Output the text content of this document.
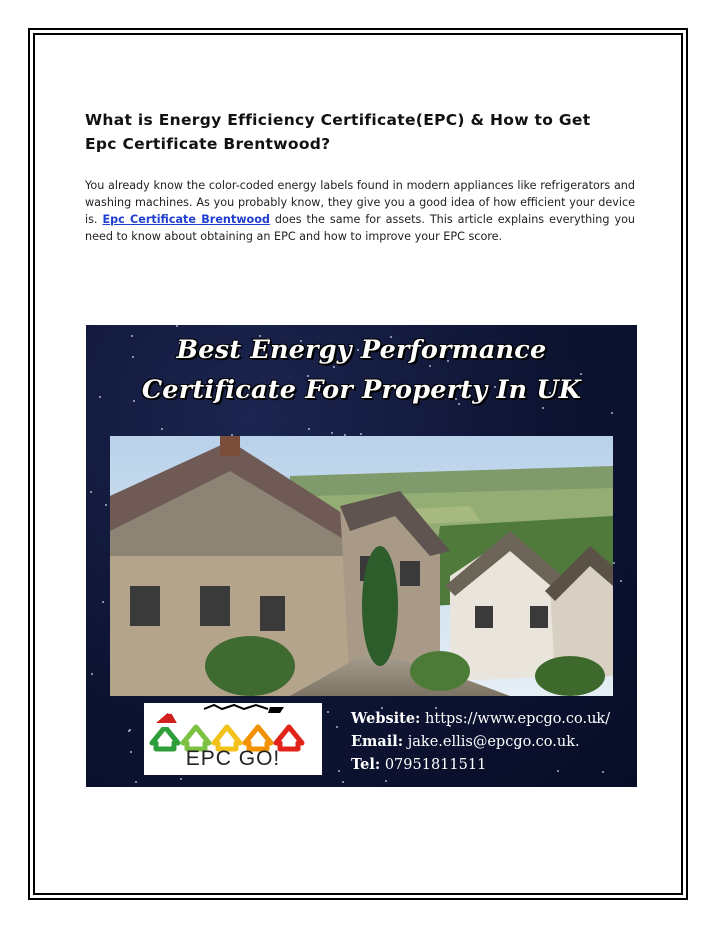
What is Energy Efficiency Certificate(EPC) & How to Get
Epc Certificate Brentwood?

You already know the color-coded energy labels found in modern appliances like refrigerators and washing machines. As you probably know, they give you a good idea of how efficient your device is. Epc Certificate Brentwood does the same for assets. This article explains everything you need to know about obtaining an EPC and how to improve your EPC score.

Best Energy Performance

Certificate For Property In UK

EPC GO!

Website: https://www.epcgo.co.uk/

Email: jake.ellis@epcgo.co.uk.

Tel: 07951811511
